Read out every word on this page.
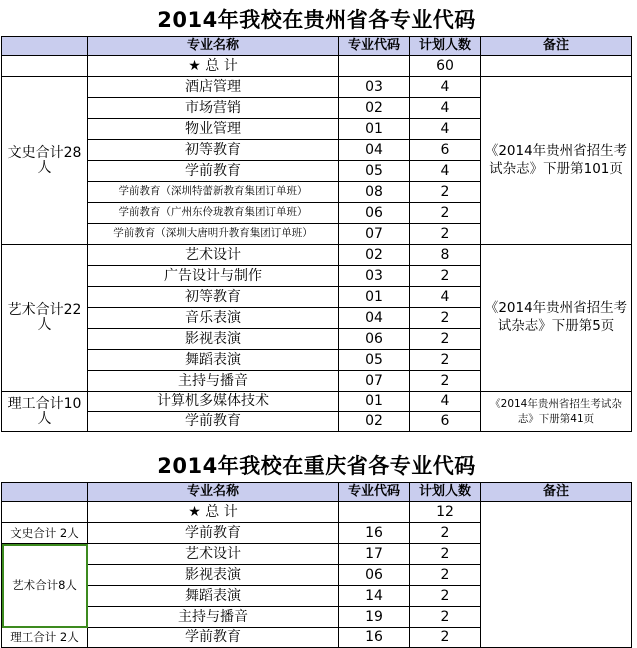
2014年我校在贵州省各专业代码				
	专业名称	专业代码	计划人数	备注
	★ 总 计		60	
文史合计28人	酒店管理	03	4	《2014年贵州省招生考试杂志》下册第101页
	市场营销	02	4	
	物业管理	01	4	
	初等教育	04	6	
	学前教育	05	4	
	学前教育（深圳特蕾新教育集团订单班）	08	2	
	学前教育（广州东伶珑教育集团订单班）	06	2	
	学前教育（深圳大唐明升教育集团订单班）	07	2	
艺术合计22人	艺术设计	02	8	《2014年贵州省招生考试杂志》下册第5页
	广告设计与制作	03	2	
	初等教育	01	4	
	音乐表演	04	2	
	影视表演	06	2	
	舞蹈表演	05	2	
	主持与播音	07	2	
理工合计10人	计算机多媒体技术	01	4	《2014年贵州省招生考试杂志》下册第41页
	学前教育	02	6	
2014年我校在重庆省各专业代码				
	专业名称	专业代码	计划人数	备注
	★ 总 计		12	
文史合计 2人	学前教育	16	2	
艺术合计8人	艺术设计	17	2	
	影视表演	06	2	
	舞蹈表演	14	2	
	主持与播音	19	2	
理工合计 2人	学前教育	16	2	
